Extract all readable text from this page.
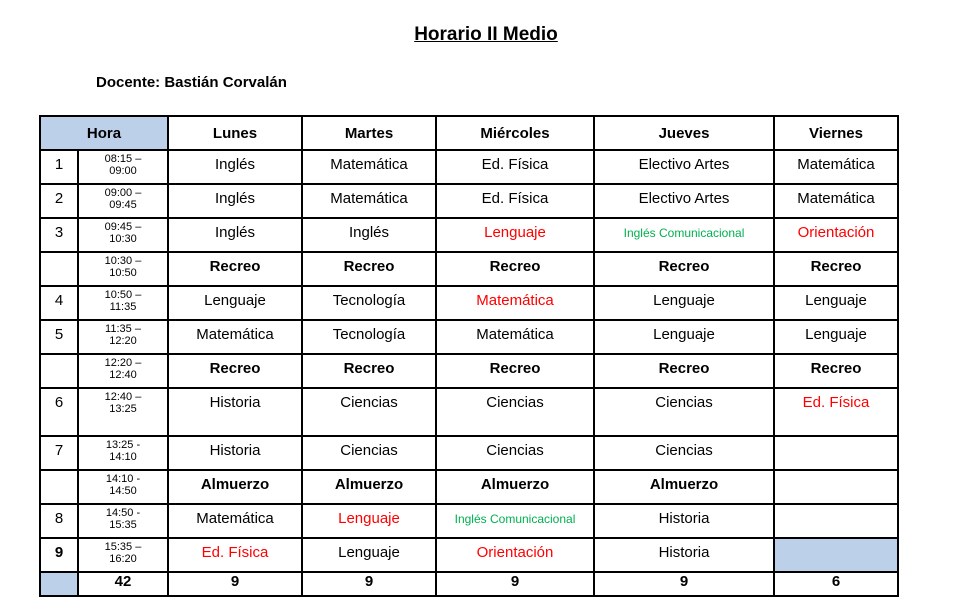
Horario II Medio
Docente: Bastián Corvalán
Hora		Lunes	Martes	Miércoles	Jueves	Viernes
1	08:15 –
09:00	Inglés	Matemática	Ed. Física	Electivo Artes	Matemática
2	09:00 –
09:45	Inglés	Matemática	Ed. Física	Electivo Artes	Matemática
3	09:45 –
10:30	Inglés	Inglés	Lenguaje	Inglés Comunicacional	Orientación

	10:30 –
10:50	Recreo	Recreo	Recreo	Recreo	Recreo
4	10:50 –
11:35	Lenguaje	Tecnología	Matemática	Lenguaje	Lenguaje
5	11:35 –
12:20	Matemática	Tecnología	Matemática	Lenguaje	Lenguaje

	12:20 –
12:40	Recreo	Recreo	Recreo	Recreo	Recreo
6	12:40 –
13:25	Historia	Ciencias	Ciencias	Ciencias	Ed. Física
7	13:25 -
14:10	Historia	Ciencias	Ciencias	Ciencias	

	14:10 -
14:50	Almuerzo	Almuerzo	Almuerzo	Almuerzo	
8	14:50 -
15:35	Matemática	Lenguaje	Inglés Comunicacional	Historia	
9	15:35 –
16:20	Ed. Física	Lenguaje	Orientación	Historia	
	42	9	9	9	9	6
